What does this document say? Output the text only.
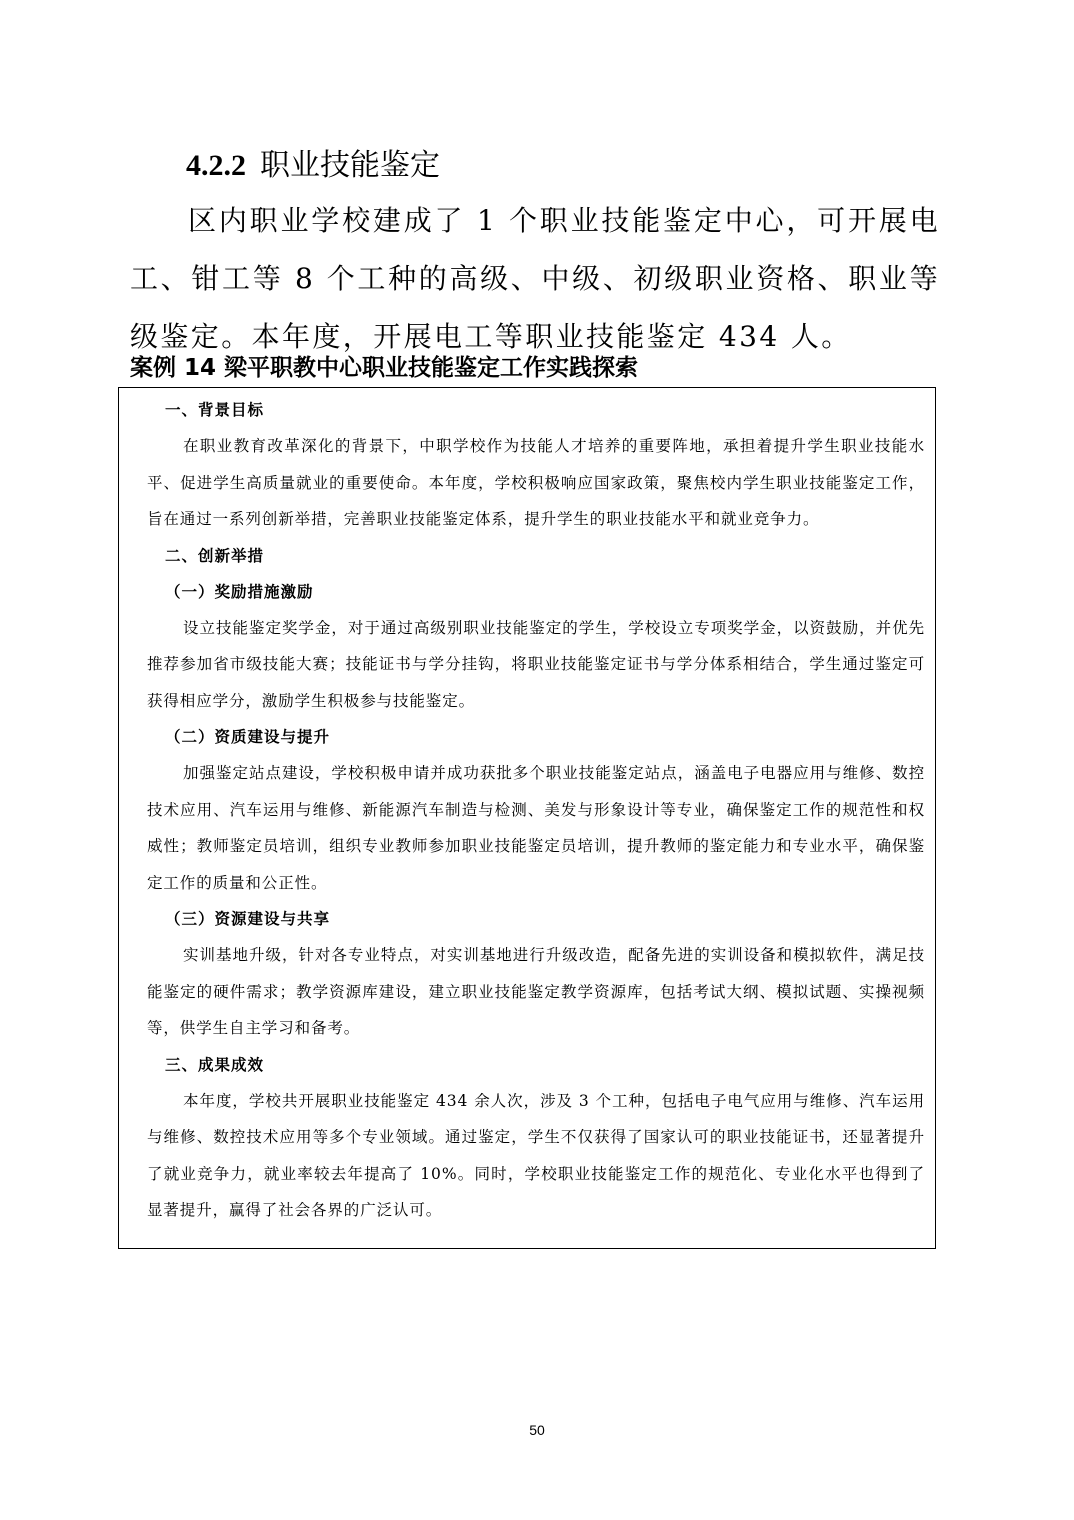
4.2.2 职业技能鉴定

区内职业学校建成了 1 个职业技能鉴定中心，可开展电工、钳工等 8 个工种的高级、中级、初级职业资格、职业等级鉴定。本年度，开展电工等职业技能鉴定 434 人。

案例 14 梁平职教中心职业技能鉴定工作实践探索

一、背景目标

在职业教育改革深化的背景下，中职学校作为技能人才培养的重要阵地，承担着提升学生职业技能水平、促进学生高质量就业的重要使命。本年度，学校积极响应国家政策，聚焦校内学生职业技能鉴定工作，旨在通过一系列创新举措，完善职业技能鉴定体系，提升学生的职业技能水平和就业竞争力。

二、创新举措

（一）奖励措施激励

设立技能鉴定奖学金，对于通过高级别职业技能鉴定的学生，学校设立专项奖学金，以资鼓励，并优先推荐参加省市级技能大赛；技能证书与学分挂钩，将职业技能鉴定证书与学分体系相结合，学生通过鉴定可获得相应学分，激励学生积极参与技能鉴定。

（二）资质建设与提升

加强鉴定站点建设，学校积极申请并成功获批多个职业技能鉴定站点，涵盖电子电器应用与维修、数控技术应用、汽车运用与维修、新能源汽车制造与检测、美发与形象设计等专业，确保鉴定工作的规范性和权威性；教师鉴定员培训，组织专业教师参加职业技能鉴定员培训，提升教师的鉴定能力和专业水平，确保鉴定工作的质量和公正性。

（三）资源建设与共享

实训基地升级，针对各专业特点，对实训基地进行升级改造，配备先进的实训设备和模拟软件，满足技能鉴定的硬件需求；教学资源库建设，建立职业技能鉴定教学资源库，包括考试大纲、模拟试题、实操视频等，供学生自主学习和备考。

三、成果成效

本年度，学校共开展职业技能鉴定 434 余人次，涉及 3 个工种，包括电子电气应用与维修、汽车运用与维修、数控技术应用等多个专业领域。通过鉴定，学生不仅获得了国家认可的职业技能证书，还显著提升了就业竞争力，就业率较去年提高了 10%。同时，学校职业技能鉴定工作的规范化、专业化水平也得到了显著提升，赢得了社会各界的广泛认可。

50
